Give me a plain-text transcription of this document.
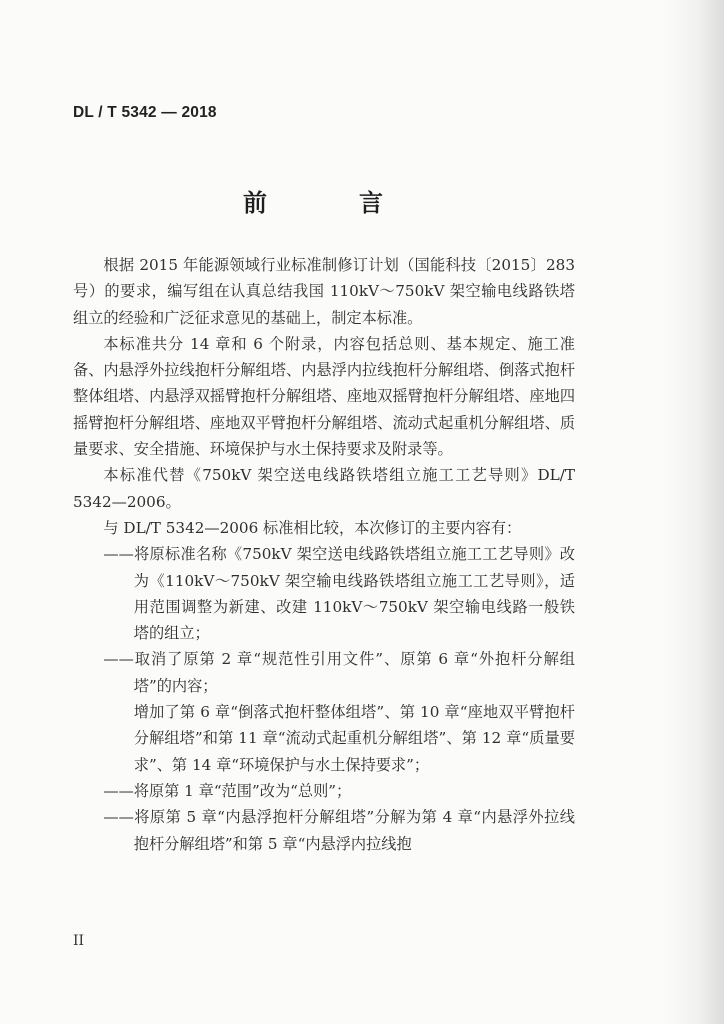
DL / T 5342 — 2018
前　言

根据 2015 年能源领域行业标准制修订计划（国能科技〔2015〕283 号）的要求，编写组在认真总结我国 110kV～750kV 架空输电线路铁塔组立的经验和广泛征求意见的基础上，制定本标准。

本标准共分 14 章和 6 个附录，内容包括总则、基本规定、施工准备、内悬浮外拉线抱杆分解组塔、内悬浮内拉线抱杆分解组塔、倒落式抱杆整体组塔、内悬浮双摇臂抱杆分解组塔、座地双摇臂抱杆分解组塔、座地四摇臂抱杆分解组塔、座地双平臂抱杆分解组塔、流动式起重机分解组塔、质量要求、安全措施、环境保护与水土保持要求及附录等。

本标准代替《750kV 架空送电线路铁塔组立施工工艺导则》DL/T 5342—2006。

与 DL/T 5342—2006 标准相比较，本次修订的主要内容有：

——将原标准名称《750kV 架空送电线路铁塔组立施工工艺导则》改为《110kV～750kV 架空输电线路铁塔组立施工工艺导则》，适用范围调整为新建、改建 110kV～750kV 架空输电线路一般铁塔的组立；

——取消了原第 2 章“规范性引用文件”、原第 6 章“外抱杆分解组塔”的内容；

增加了第 6 章“倒落式抱杆整体组塔”、第 10 章“座地双平臂抱杆分解组塔”和第 11 章“流动式起重机分解组塔”、第 12 章“质量要求”、第 14 章“环境保护与水土保持要求”；

——将原第 1 章“范围”改为“总则”；

——将原第 5 章“内悬浮抱杆分解组塔”分解为第 4 章“内悬浮外拉线抱杆分解组塔”和第 5 章“内悬浮内拉线抱

II
